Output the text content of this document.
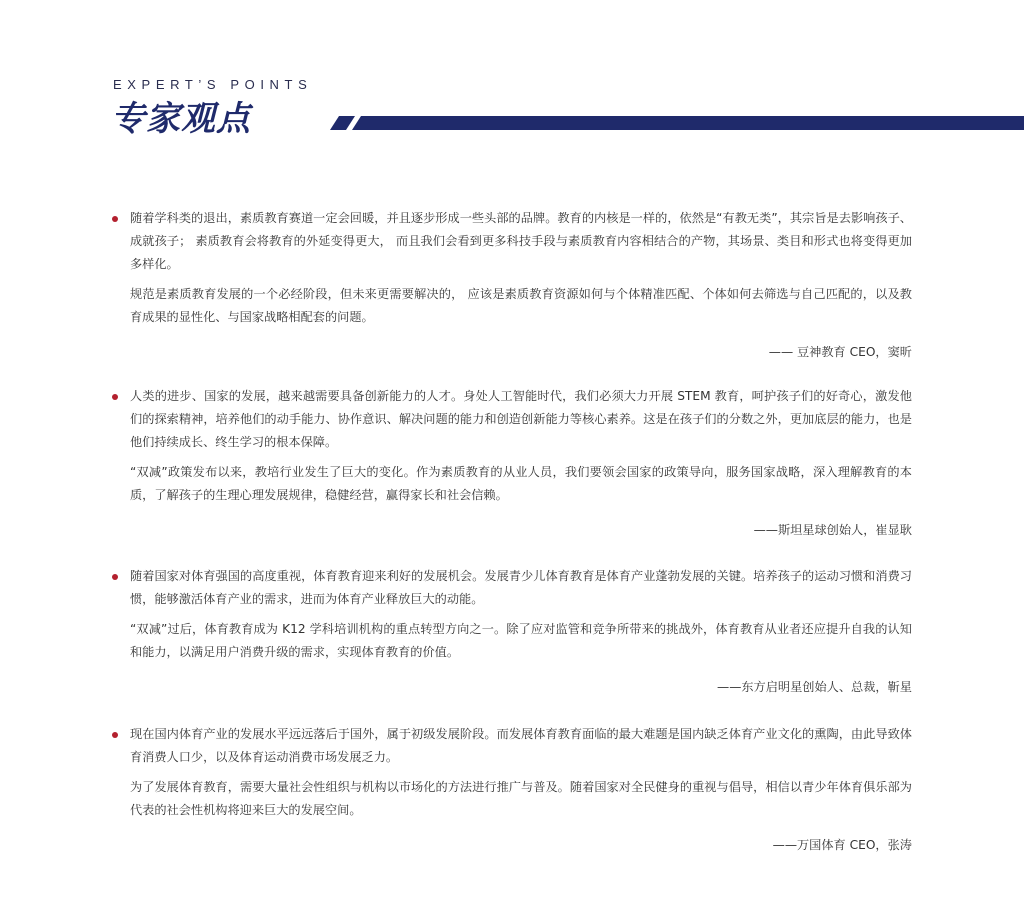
EXPERT’S POINTS
专家观点

随着学科类的退出，素质教育赛道一定会回暖，并且逐步形成一些头部的品牌。教育的内核是一样的，依然是“有教无类”，其宗旨是去影响孩子、 成就孩子； 素质教育会将教育的外延变得更大， 而且我们会看到更多科技手段与素质教育内容相结合的产物，其场景、类目和形式也将变得更加多样化。

规范是素质教育发展的一个必经阶段，但未来更需要解决的， 应该是素质教育资源如何与个体精准匹配、个体如何去筛选与自己匹配的，以及教育成果的显性化、与国家战略相配套的问题。

—— 豆神教育 CEO，窦昕

人类的进步、国家的发展，越来越需要具备创新能力的人才。身处人工智能时代，我们必须大力开展 STEM 教育，呵护孩子们的好奇心，激发他们的探索精神，培养他们的动手能力、协作意识、解决问题的能力和创造创新能力等核心素养。这是在孩子们的分数之外，更加底层的能力，也是他们持续成长、终生学习的根本保障。

“双减”政策发布以来，教培行业发生了巨大的变化。作为素质教育的从业人员，我们要领会国家的政策导向，服务国家战略，深入理解教育的本质，了解孩子的生理心理发展规律，稳健经营，赢得家长和社会信赖。

——斯坦星球创始人，崔显耿

随着国家对体育强国的高度重视，体育教育迎来利好的发展机会。发展青少儿体育教育是体育产业蓬勃发展的关键。培养孩子的运动习惯和消费习惯，能够激活体育产业的需求，进而为体育产业释放巨大的动能。

“双减”过后，体育教育成为 K12 学科培训机构的重点转型方向之一。除了应对监管和竞争所带来的挑战外，体育教育从业者还应提升自我的认知和能力，以满足用户消费升级的需求，实现体育教育的价值。

——东方启明星创始人、总裁，靳星

现在国内体育产业的发展水平远远落后于国外，属于初级发展阶段。而发展体育教育面临的最大难题是国内缺乏体育产业文化的熏陶，由此导致体育消费人口少，以及体育运动消费市场发展乏力。

为了发展体育教育，需要大量社会性组织与机构以市场化的方法进行推广与普及。随着国家对全民健身的重视与倡导，相信以青少年体育俱乐部为代表的社会性机构将迎来巨大的发展空间。

——万国体育 CEO，张涛
